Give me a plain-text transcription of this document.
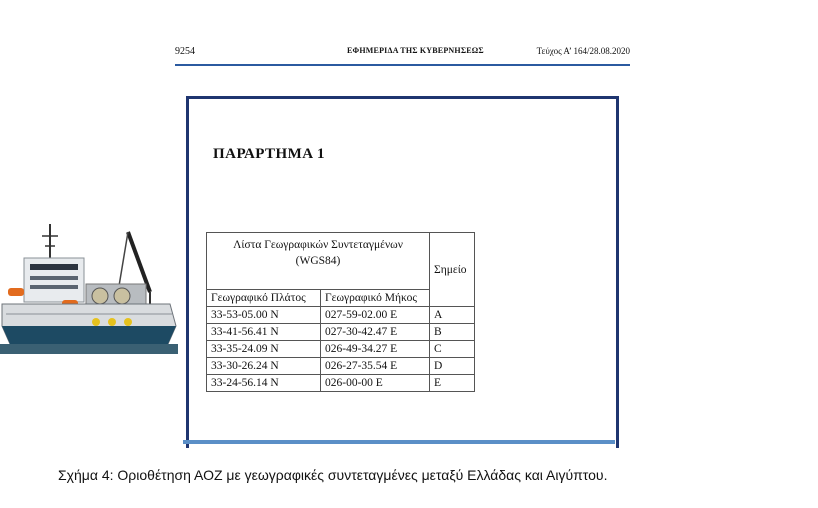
9254	ΕΦΗΜΕΡΙΔΑ ΤΗΣ ΚΥΒΕΡΝΗΣΕΩΣ	Τεύχος Α’ 164/28.08.2020
ΠΑΡΑΡΤΗΜΑ 1
Λίστα Γεωγραφικών Συντεταγμένων
(WGS84)		Σημείο
Γεωγραφικό Πλάτος	Γεωγραφικό Μήκος	
33-53-05.00 N	027-59-02.00 E	A
33-41-56.41 N	027-30-42.47 E	B
33-35-24.09 N	026-49-34.27 E	C
33-30-26.24 N	026-27-35.54 E	D
33-24-56.14 N	026-00-00 E	E
Σχήμα 4: Οριοθέτηση ΑΟΖ με γεωγραφικές συντεταγμένες μεταξύ Ελλάδας και Αιγύπτου.
